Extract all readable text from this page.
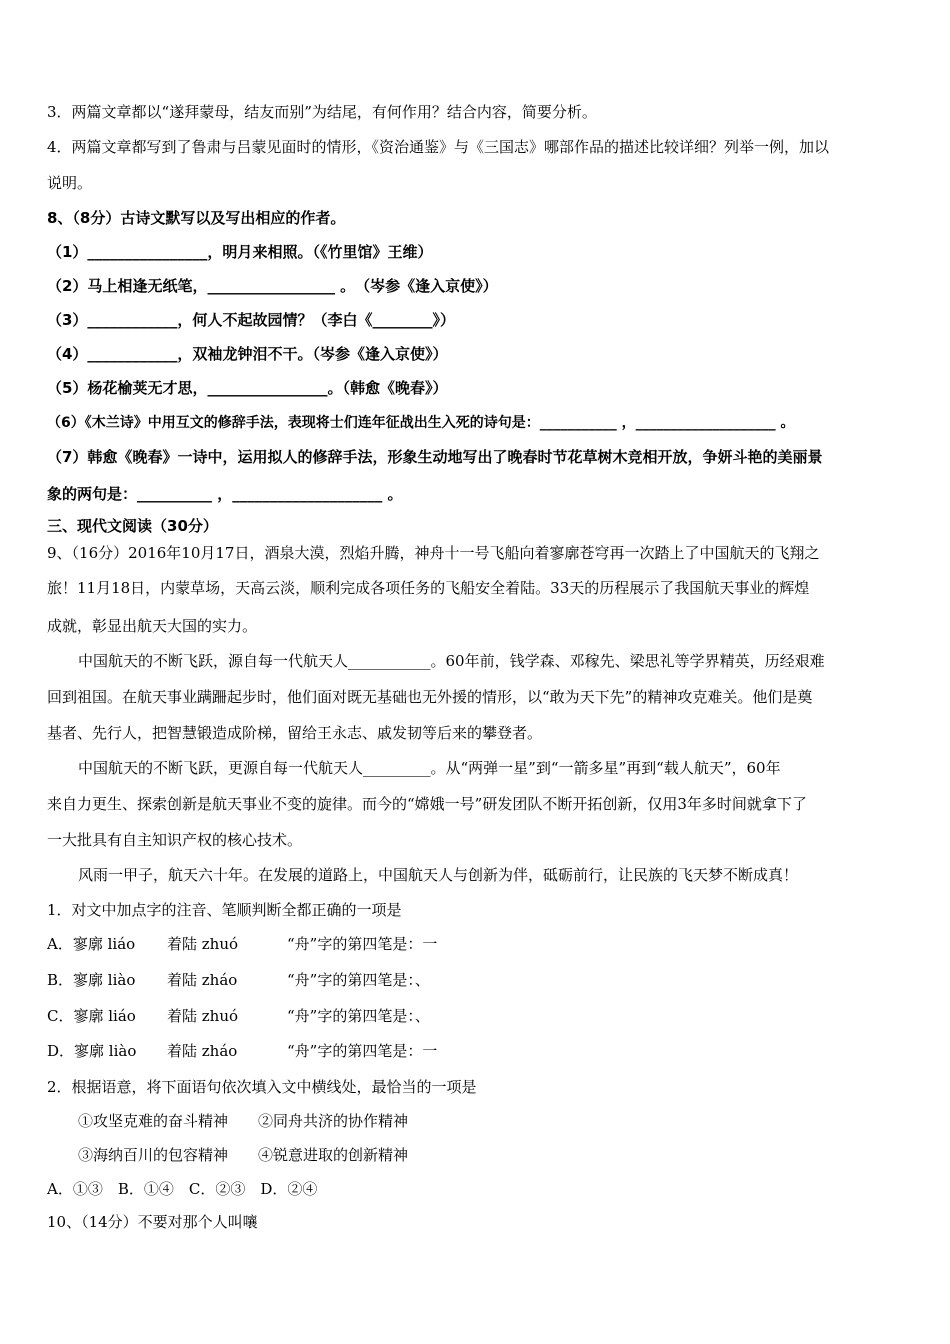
3．两篇文章都以“遂拜蒙母，结友而别”为结尾，有何作用？结合内容，简要分析。
4．两篇文章都写到了鲁肃与吕蒙见面时的情形，《资治通鉴》与《三国志》哪部作品的描述比较详细？列举一例，加以
说明。
8、（8分）古诗文默写以及写出相应的作者。
（1）________________，明月来相照。（《竹里馆》王维）
（2）马上相逢无纸笔，_________________ 。　（岑参《逢入京使》）
（3）____________，何人不起故园情？（李白《________》）
（4）____________，双袖龙钟泪不干。（岑参《逢入京使》）
（5）杨花榆荚无才思，________________。（韩愈《晚春》）
（6）《木兰诗》中用互文的修辞手法，表现将士们连年征战出生入死的诗句是：___________ ，____________________ 。
（7）韩愈《晚春》一诗中，运用拟人的修辞手法，形象生动地写出了晚春时节花草树木竞相开放，争妍斗艳的美丽景
象的两句是：__________ ，____________________ 。
三、现代文阅读（30分）
9、（16分）2016年10月17日，酒泉大漠，烈焰升腾，神舟十一号飞船向着寥廓苍穹再一次踏上了中国航天的飞翔之
旅！11月18日，内蒙草场，天高云淡，顺利完成各项任务的飞船安全着陆。33天的历程展示了我国航天事业的辉煌
成就，彰显出航天大国的实力。
中国航天的不断飞跃，源自每一代航天人___________。60年前，钱学森、邓稼先、梁思礼等学界精英，历经艰难
回到祖国。在航天事业蹒跚起步时，他们面对既无基础也无外援的情形，以“敢为天下先”的精神攻克难关。他们是奠
基者、先行人，把智慧锻造成阶梯，留给王永志、戚发韧等后来的攀登者。
中国航天的不断飞跃，更源自每一代航天人_________。从“两弹一星”到“一箭多星”再到“载人航天”，60年
来自力更生、探索创新是航天事业不变的旋律。而今的“嫦娥一号”研发团队不断开拓创新，仅用3年多时间就拿下了
一大批具有自主知识产权的核心技术。
风雨一甲子，航天六十年。在发展的道路上，中国航天人与创新为伴，砥砺前行，让民族的飞天梦不断成真！
1．对文中加点字的注音、笔顺判断全都正确的一项是
A．寥廓 liáo 着陆 zhuó	“舟”字的第四笔是：一
B．寥廓 liào 着陆 zháo	“舟”字的第四笔是：、
C．寥廓 liáo 着陆 zhuó	“舟”字的第四笔是：、
D．寥廓 liào 着陆 zháo	“舟”字的第四笔是：一
2．根据语意，将下面语句依次填入文中横线处，最恰当的一项是
①攻坚克难的奋斗精神　　②同舟共济的协作精神
③海纳百川的包容精神　　④锐意进取的创新精神
A．①③　B．①④　C．②③　D．②④
10、（14分）不要对那个人叫嚷
